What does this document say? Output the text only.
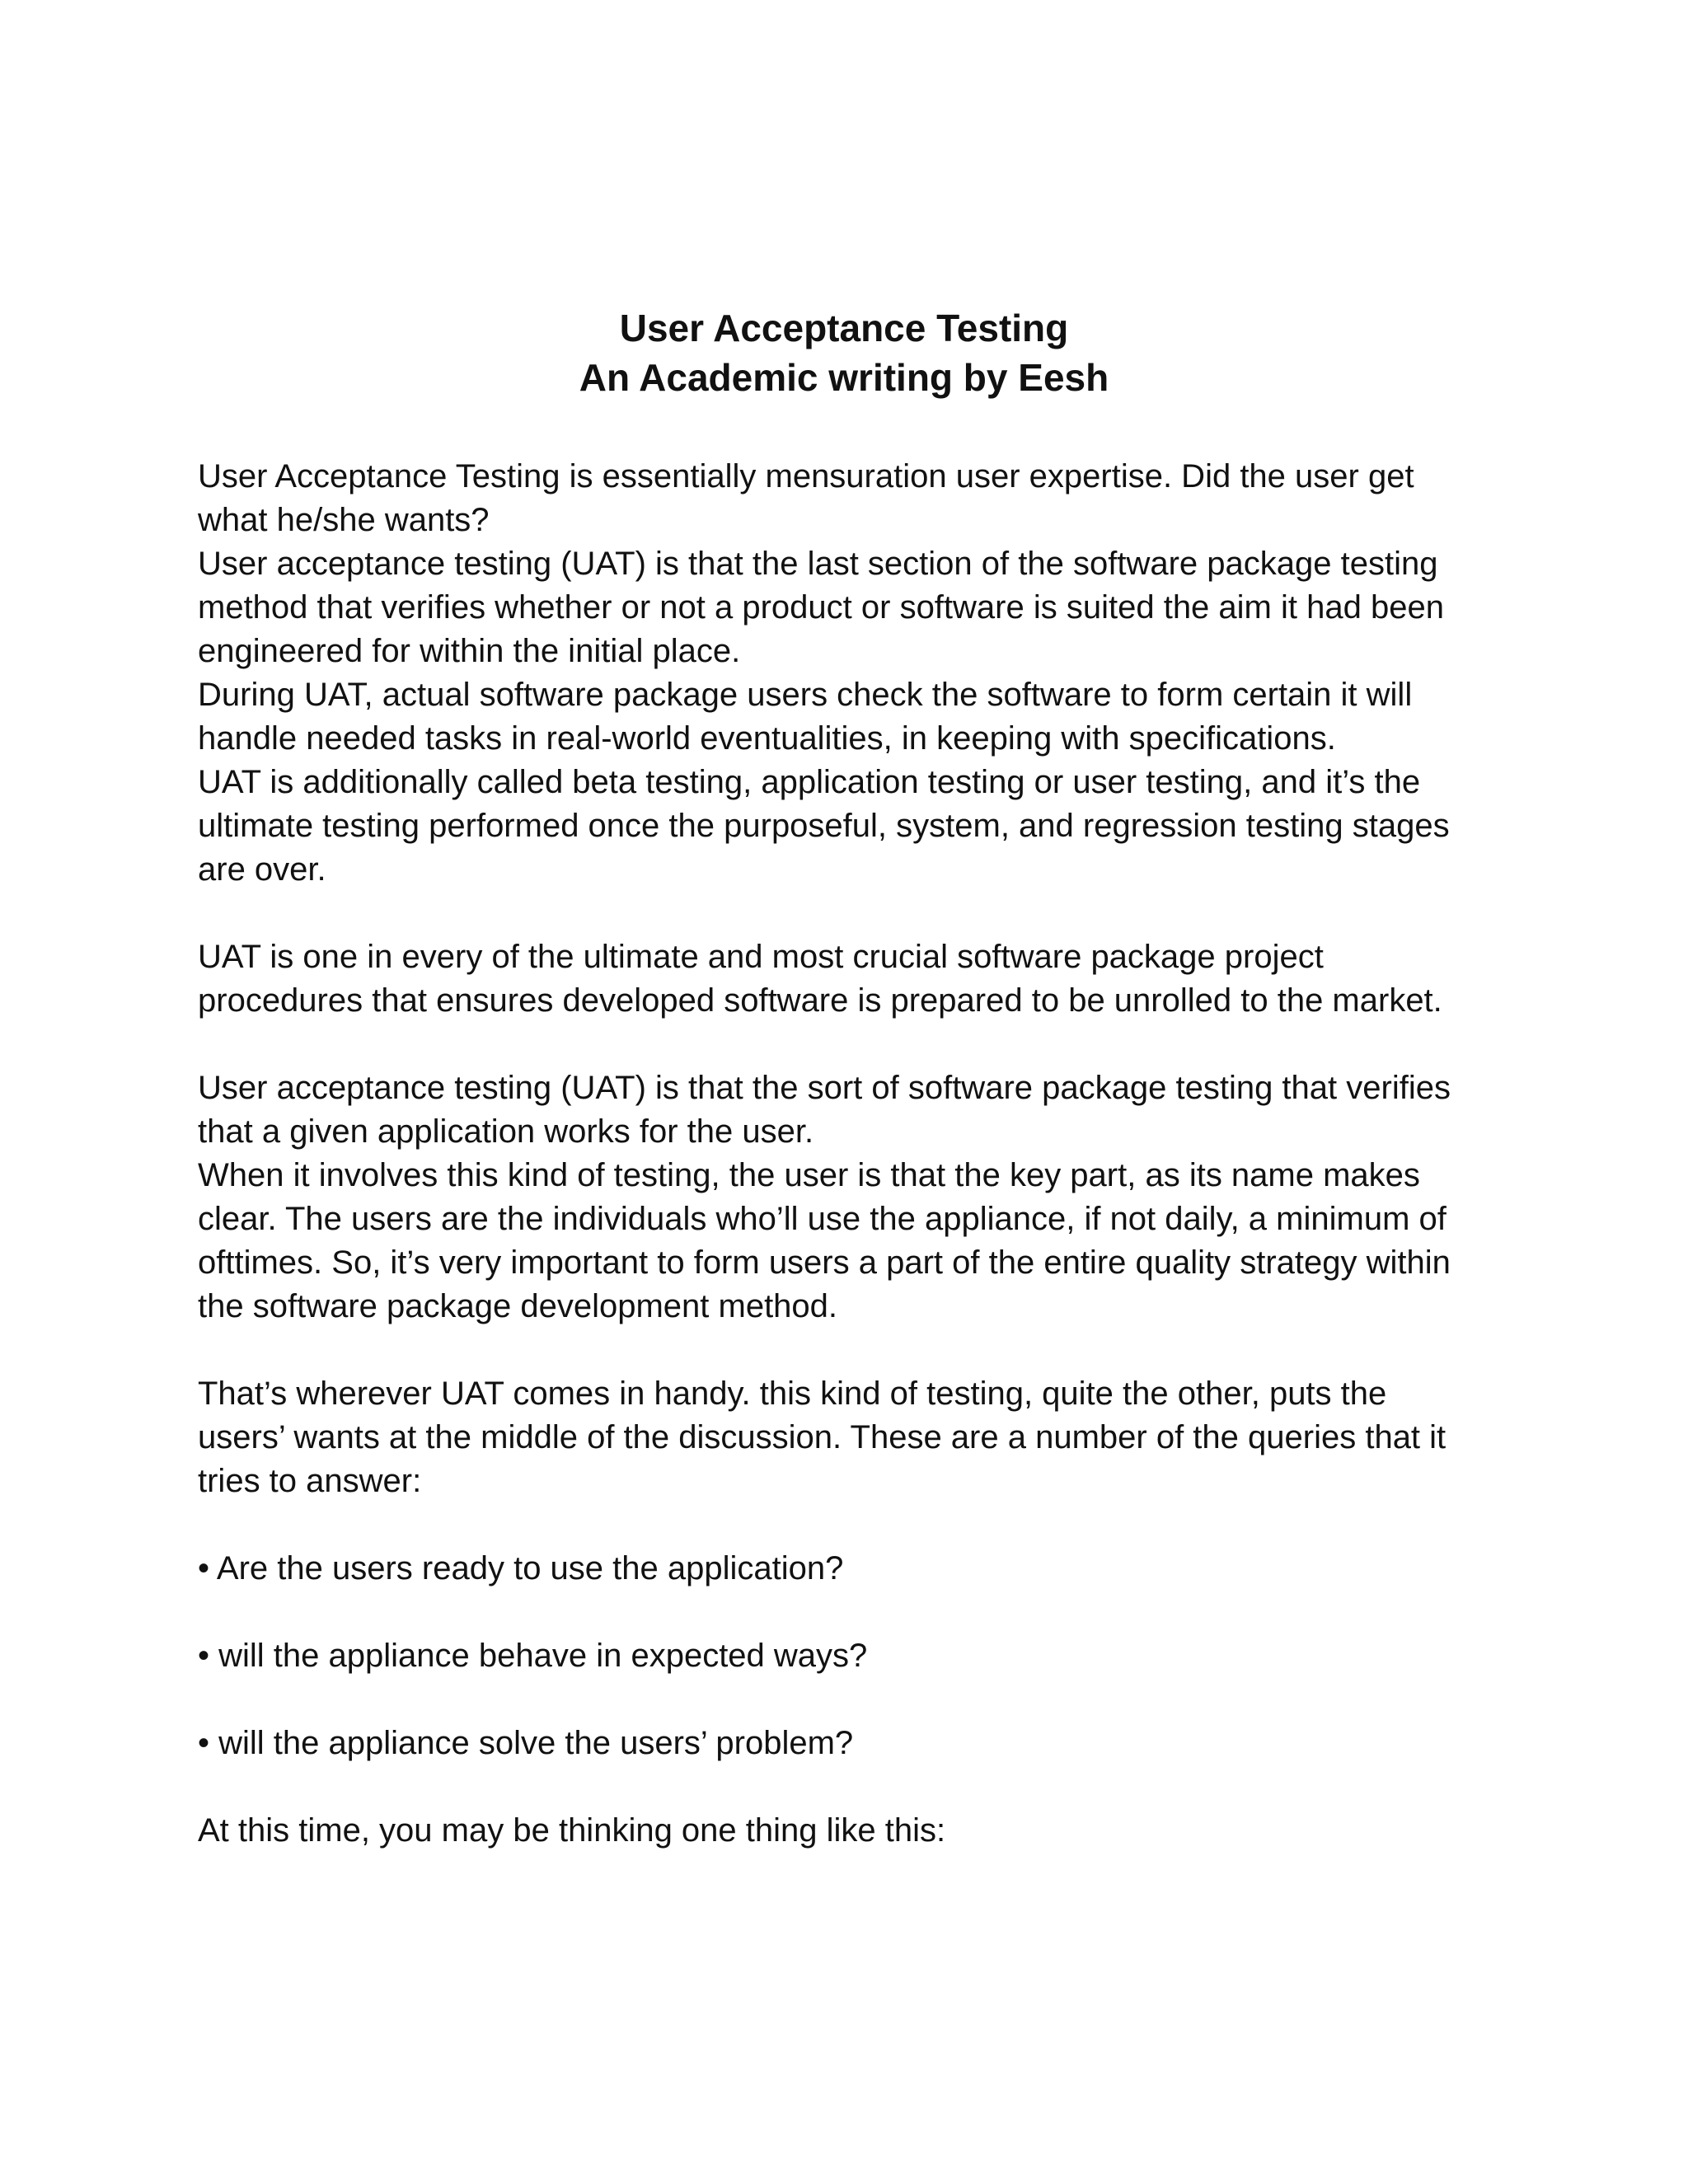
User Acceptance Testing
An Academic writing by Eesh
User Acceptance Testing is essentially mensuration user expertise. Did the user get
what he/she wants?
User acceptance testing (UAT) is that the last section of the software package testing
method that verifies whether or not a product or software is suited the aim it had been
engineered for within the initial place.
During UAT, actual software package users check the software to form certain it will
handle needed tasks in real-world eventualities, in keeping with specifications.
UAT is additionally called beta testing, application testing or user testing, and it’s the
ultimate testing performed once the purposeful, system, and regression testing stages
are over.
UAT is one in every of the ultimate and most crucial software package project
procedures that ensures developed software is prepared to be unrolled to the market.
User acceptance testing (UAT) is that the sort of software package testing that verifies
that a given application works for the user.
When it involves this kind of testing, the user is that the key part, as its name makes
clear. The users are the individuals who’ll use the appliance, if not daily, a minimum of
ofttimes. So, it’s very important to form users a part of the entire quality strategy within
the software package development method.
That’s wherever UAT comes in handy. this kind of testing, quite the other, puts the
users’ wants at the middle of the discussion. These are a number of the queries that it
tries to answer:
• Are the users ready to use the application?
• will the appliance behave in expected ways?
• will the appliance solve the users’ problem?
At this time, you may be thinking one thing like this:
